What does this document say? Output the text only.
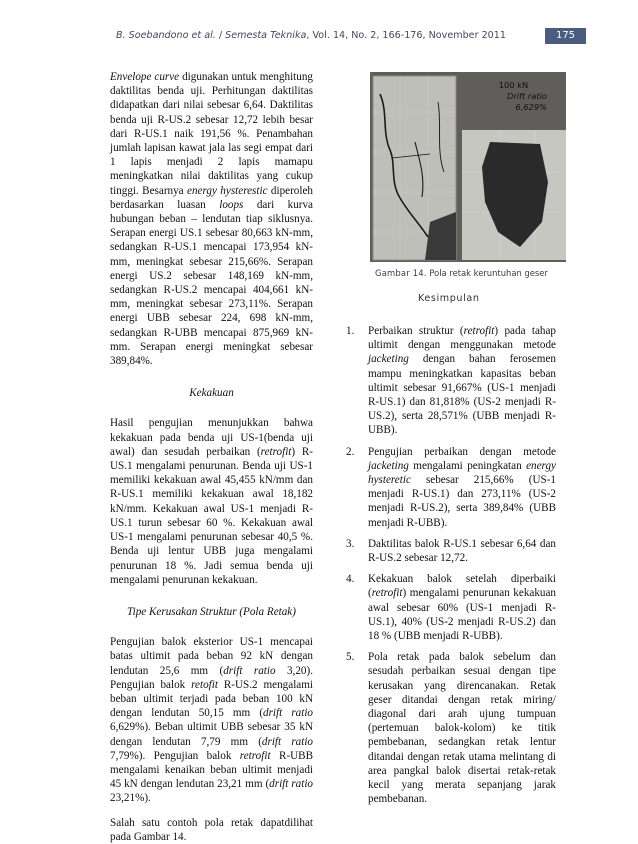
B. Soebandono et al. / Semesta Teknika, Vol. 14, No. 2, 166-176, November 2011	175

Envelope curve digunakan untuk menghitung daktilitas benda uji. Perhitungan daktilitas didapatkan dari nilai sebesar 6,64. Daktilitas benda uji R-US.2 sebesar 12,72 lebih besar dari R-US.1 naik 191,56 %. Penambahan jumlah lapisan kawat jala las segi empat dari 1 lapis menjadi 2 lapis mamapu meningkatkan nilai daktilitas yang cukup tinggi. Besarnya energy hysterestic diperoleh berdasarkan luasan loops dari kurva hubungan beban – lendutan tiap siklusnya. Serapan energi US.1 sebesar 80,663 kN-mm, sedangkan R-US.1 mencapai 173,954 kN-mm, meningkat sebesar 215,66%. Serapan energi US.2 sebesar 148,169 kN-mm, sedangkan R-US.2 mencapai 404,661 kN-mm, meningkat sebesar 273,11%. Serapan energi UBB sebesar 224, 698 kN-mm, sedangkan R-UBB mencapai 875,969 kN-mm. Serapan energi meningkat sebesar 389,84%.

Kekakuan

Hasil pengujian menunjukkan bahwa kekakuan pada benda uji US-1(benda uji awal) dan sesudah perbaikan (retrofit) R-US.1 mengalami penurunan. Benda uji US-1 memiliki kekakuan awal 45,455 kN/mm dan R-US.1 memiliki kekakuan awal 18,182 kN/mm. Kekakuan awal US-1 menjadi R-US.1 turun sebesar 60 %. Kekakuan awal US-1 mengalami penurunan sebesar 40,5 %. Benda uji lentur UBB juga mengalami penurunan 18 %. Jadi semua benda uji mengalami penurunan kekakuan.

Tipe Kerusakan Struktur (Pola Retak)

Pengujian balok eksterior US-1 mencapai batas ultimit pada beban 92 kN dengan lendutan 25,6 mm (drift ratio 3,20). Pengujian balok retofit R-US.2 mengalami beban ultimit terjadi pada beban 100 kN dengan lendutan 50,15 mm (drift ratio 6,629%). Beban ultimit UBB sebesar 35 kN dengan lendutan 7,79 mm (drift ratio 7,79%). Pengujian balok retrofit R-UBB mengalami kenaikan beban ultimit menjadi 45 kN dengan lendutan 23,21 mm (drift ratio 23,21%).

Salah satu contoh pola retak dapatdilihat pada Gambar 14.

100 kN
Drift ratio 6,629%
Gambar 14. Pola retak keruntuhan geser
Kesimpulan
1. Perbaikan struktur (retrofit) pada tahap ultimit dengan menggunakan metode jacketing dengan bahan ferosemen mampu meningkatkan kapasitas beban ultimit sebesar 91,667% (US-1 menjadi R-US.1) dan 81,818% (US-2 menjadi R-US.2), serta 28,571% (UBB menjadi R-UBB).
2. Pengujian perbaikan dengan metode jacketing mengalami peningkatan energy hysteretic sebesar 215,66% (US-1 menjadi R-US.1) dan 273,11% (US-2 menjadi R-US.2), serta 389,84% (UBB menjadi R-UBB).
3. Daktilitas balok R-US.1 sebesar 6,64 dan R-US.2 sebesar 12,72.
4. Kekakuan balok setelah diperbaiki (retrofit) mengalami penurunan kekakuan awal sebesar 60% (US-1 menjadi R-US.1), 40% (US-2 menjadi R-US.2) dan 18 % (UBB menjadi R-UBB).
5. Pola retak pada balok sebelum dan sesudah perbaikan sesuai dengan tipe kerusakan yang direncanakan. Retak geser ditandai dengan retak miring/ diagonal dari arah ujung tumpuan (pertemuan balok-kolom) ke titik pembebanan, sedangkan retak lentur ditandai dengan retak utama melintang di area pangkal balok disertai retak-retak kecil yang merata sepanjang jarak pembebanan.
